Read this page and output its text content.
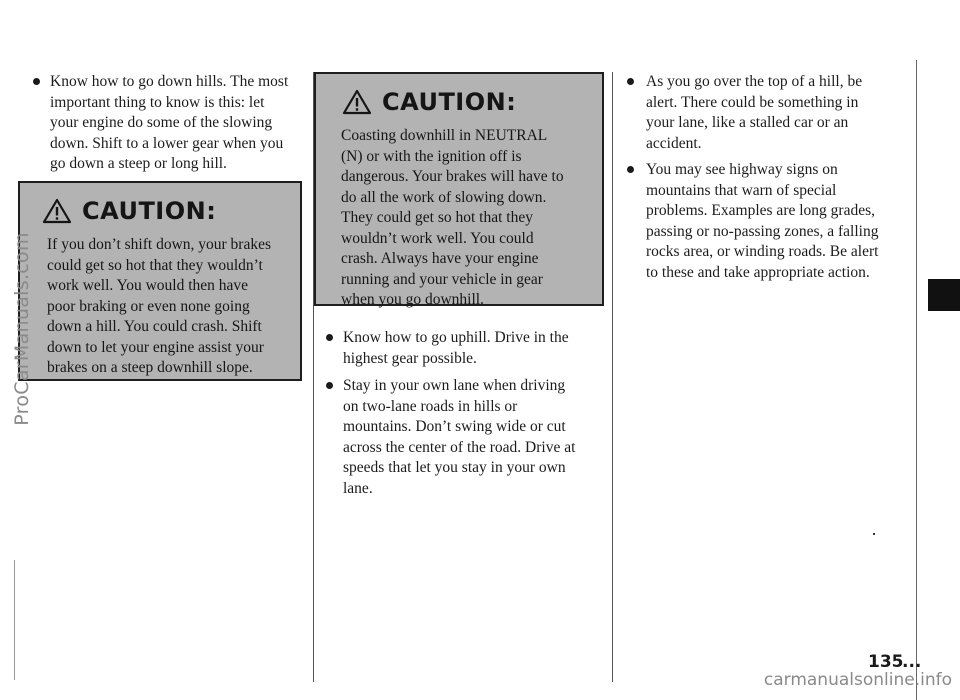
Know how to go down hills. The most
important thing to know is this: let
your engine do some of the slowing
down. Shift to a lower gear when you
go down a steep or long hill.
CAUTION:
If you don’t shift down, your brakes
could get so hot that they wouldn’t
work well. You would then have
poor braking or even none going
down a hill. You could crash. Shift
down to let your engine assist your
brakes on a steep downhill slope.
CAUTION:
Coasting downhill in NEUTRAL
(N) or with the ignition off is
dangerous. Your brakes will have to
do all the work of slowing down.
They could get so hot that they
wouldn’t work well. You could
crash. Always have your engine
running and your vehicle in gear
when you go downhill.
Know how to go uphill. Drive in the
highest gear possible.
Stay in your own lane when driving
on two-lane roads in hills or
mountains. Don’t swing wide or cut
across the center of the road. Drive at
speeds that let you stay in your own
lane.
As you go over the top of a hill, be
alert. There could be something in
your lane, like a stalled car or an
accident.
You may see highway signs on
mountains that warn of special
problems. Examples are long grades,
passing or no-passing zones, a falling
rocks area, or winding roads. Be alert
to these and take appropriate action.
135
...
ProCarManuals.com
carmanualsonline.info
